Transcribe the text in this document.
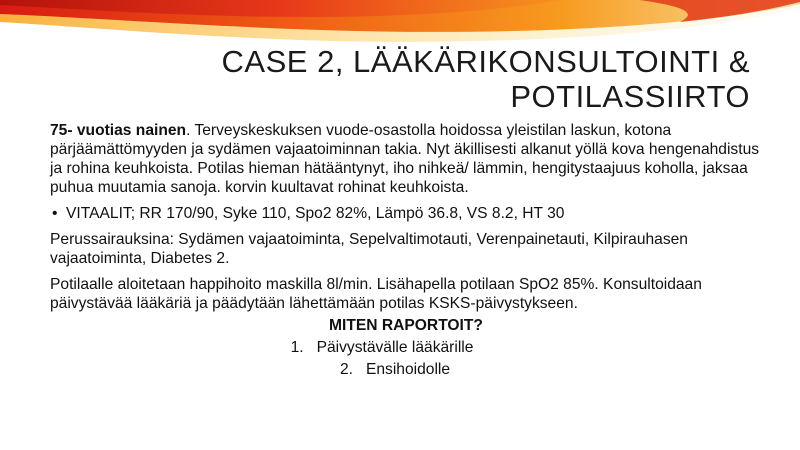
CASE 2, LÄÄKÄRIKONSULTOINTI &
POTILASSIIRTO

75- vuotias nainen. Terveyskeskuksen vuode-osastolla hoidossa yleistilan laskun, kotona pärjäämättömyyden ja sydämen vajaatoiminnan takia. Nyt äkillisesti alkanut yöllä kova hengenahdistus ja rohina keuhkoista. Potilas hieman hätääntynyt, iho nihkeä/ lämmin, hengitystaajuus koholla, jaksaa puhua muutamia sanoja. korvin kuultavat rohinat keuhkoista.

• VITAALIT; RR 170/90, Syke 110, Spo2 82%, Lämpö 36.8, VS 8.2, HT 30

Perussairauksina: Sydämen vajaatoiminta, Sepelvaltimotauti, Verenpainetauti, Kilpirauhasen vajaatoiminta, Diabetes 2.

Potilaalle aloitetaan happihoito maskilla 8l/min. Lisähapella potilaan SpO2 85%. Konsultoidaan päivystävää lääkäriä ja päädytään lähettämään potilas KSKS-päivystykseen.

MITEN RAPORTOIT?

1. Päivystävälle lääkärille
2. Ensihoidolle
